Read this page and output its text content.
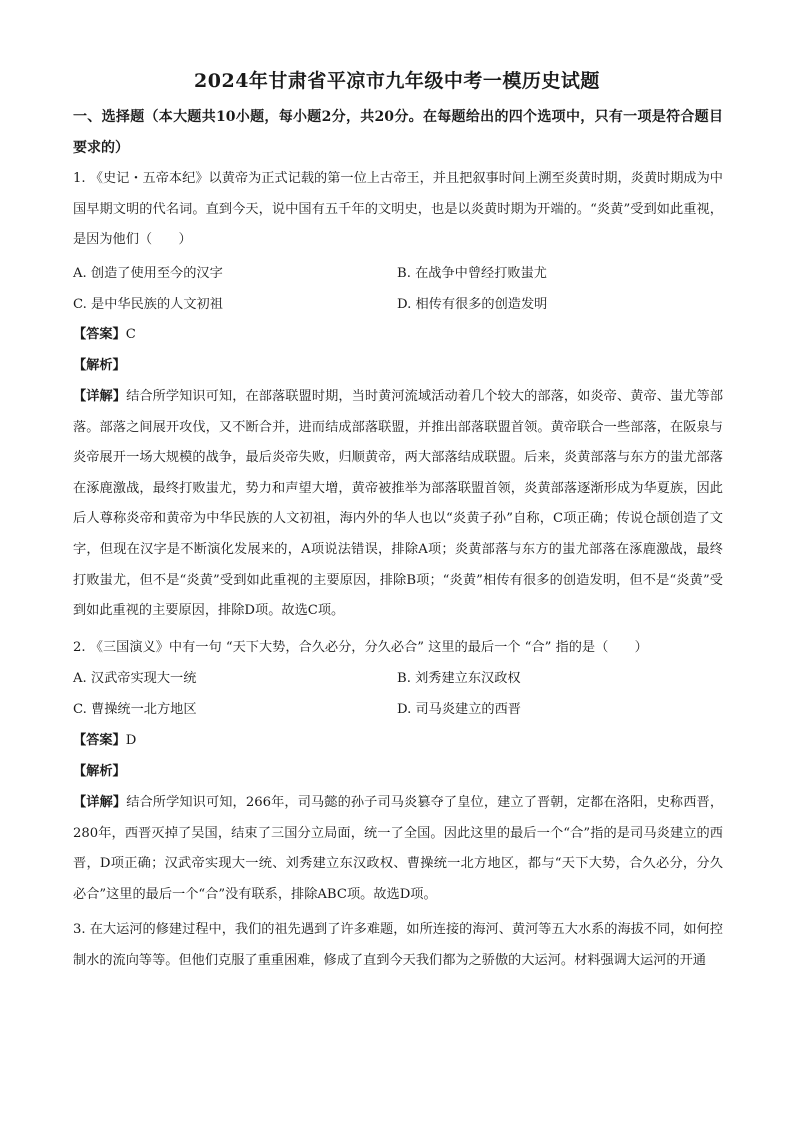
2024年甘肃省平凉市九年级中考一模历史试题

一、选择题（本大题共10小题，每小题2分，共20分。在每题给出的四个选项中，只有一项是符合题目要求的）

1. 《史记・五帝本纪》以黄帝为正式记载的第一位上古帝王，并且把叙事时间上溯至炎黄时期，炎黄时期成为中国早期文明的代名词。直到今天，说中国有五千年的文明史，也是以炎黄时期为开端的。“炎黄”受到如此重视，是因为他们（　　）

A. 创造了使用至今的汉字	B. 在战争中曾经打败蚩尤
C. 是中华民族的人文初祖	D. 相传有很多的创造发明
【答案】C
【解析】

【详解】结合所学知识可知，在部落联盟时期，当时黄河流域活动着几个较大的部落，如炎帝、黄帝、蚩尤等部落。部落之间展开攻伐，又不断合并，进而结成部落联盟，并推出部落联盟首领。黄帝联合一些部落，在阪泉与炎帝展开一场大规模的战争，最后炎帝失败，归顺黄帝，两大部落结成联盟。后来，炎黄部落与东方的蚩尤部落在涿鹿激战，最终打败蚩尤，势力和声望大增，黄帝被推举为部落联盟首领，炎黄部落逐渐形成为华夏族，因此后人尊称炎帝和黄帝为中华民族的人文初祖，海内外的华人也以“炎黄子孙”自称，C项正确；传说仓颉创造了文字，但现在汉字是不断演化发展来的，A项说法错误，排除A项；炎黄部落与东方的蚩尤部落在涿鹿激战，最终打败蚩尤，但不是“炎黄”受到如此重视的主要原因，排除B项；“炎黄”相传有很多的创造发明，但不是“炎黄”受到如此重视的主要原因，排除D项。故选C项。

2. 《三国演义》中有一句 “天下大势，合久必分，分久必合” 这里的最后一个 “合” 指的是（　　）

A. 汉武帝实现大一统	B. 刘秀建立东汉政权
C. 曹操统一北方地区	D. 司马炎建立的西晋
【答案】D
【解析】

【详解】结合所学知识可知，266年，司马懿的孙子司马炎篡夺了皇位，建立了晋朝，定都在洛阳，史称西晋，280年，西晋灭掉了吴国，结束了三国分立局面，统一了全国。因此这里的最后一个“合”指的是司马炎建立的西晋，D项正确；汉武帝实现大一统、刘秀建立东汉政权、曹操统一北方地区，都与“天下大势，合久必分，分久必合”这里的最后一个“合”没有联系，排除ABC项。故选D项。

3. 在大运河的修建过程中，我们的祖先遇到了许多难题，如所连接的海河、黄河等五大水系的海拔不同，如何控制水的流向等等。但他们克服了重重困难，修成了直到今天我们都为之骄傲的大运河。材料强调大运河的开通
